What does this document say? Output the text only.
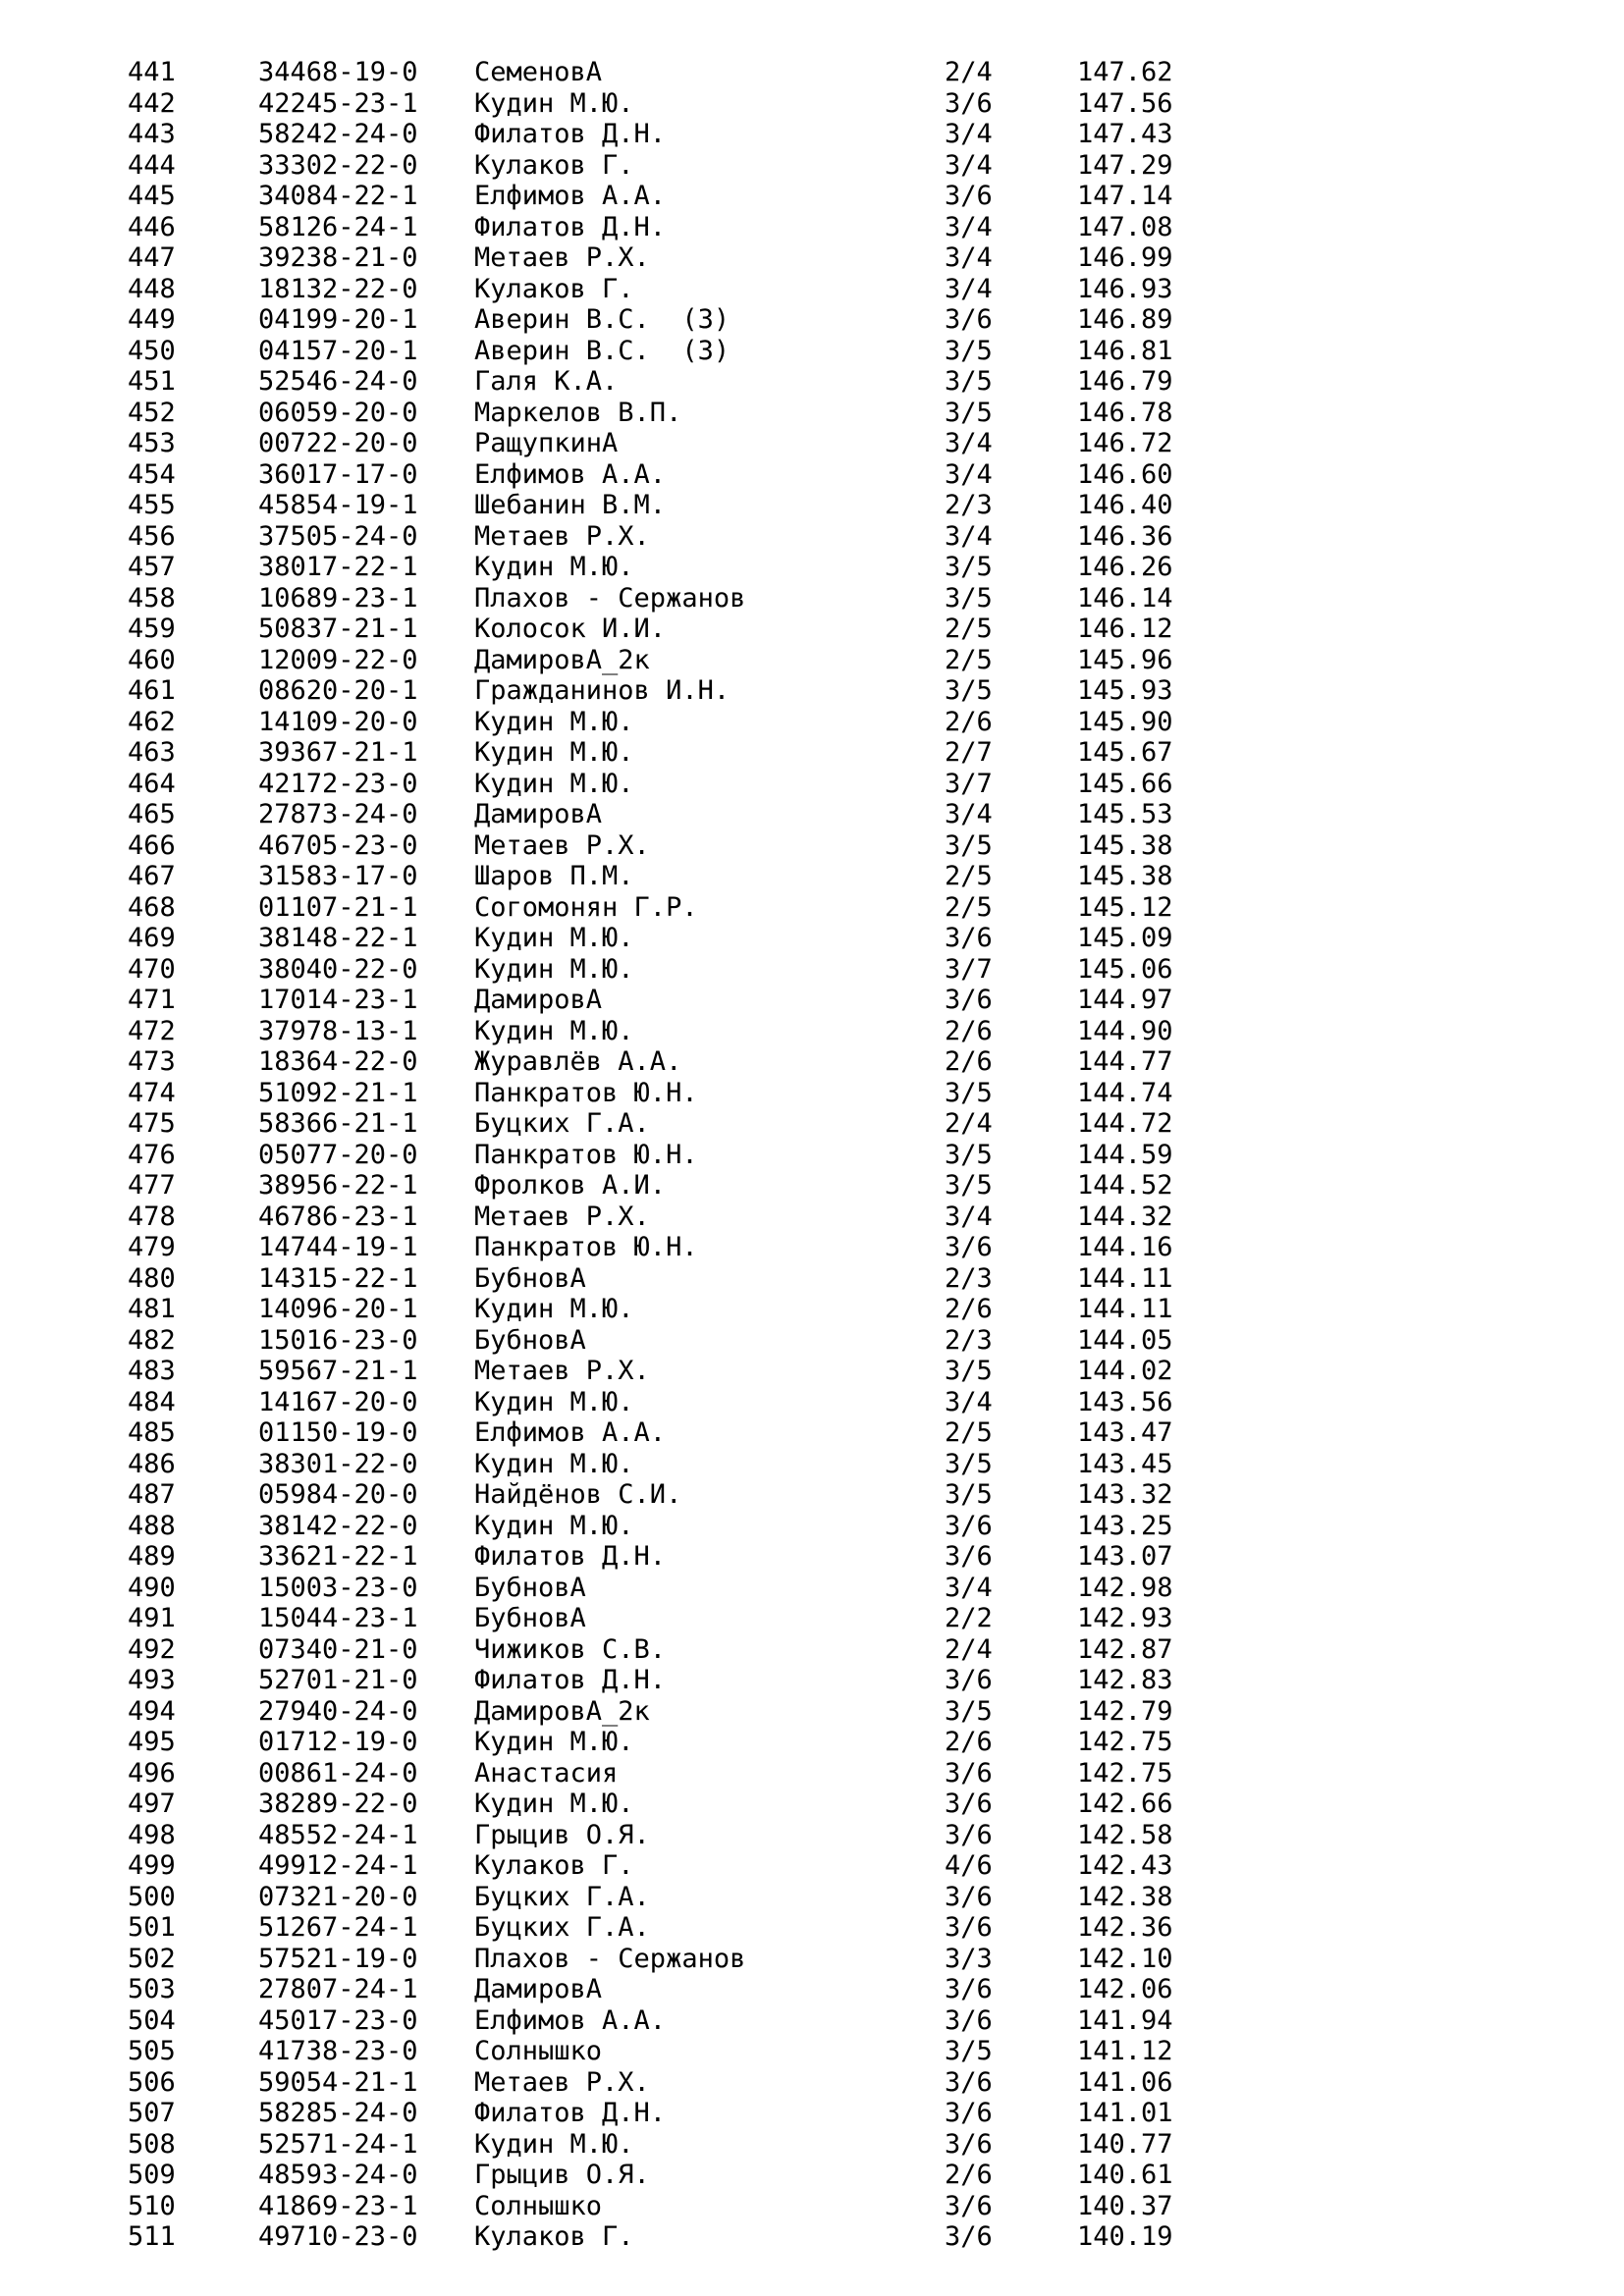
441	34468-19-0	СеменовА	2/4	147.62
442	42245-23-1	Кудин М.Ю.	3/6	147.56
443	58242-24-0	Филатов Д.Н.	3/4	147.43
444	33302-22-0	Кулаков Г.	3/4	147.29
445	34084-22-1	Елфимов А.А.	3/6	147.14
446	58126-24-1	Филатов Д.Н.	3/4	147.08
447	39238-21-0	Метаев Р.Х.	3/4	146.99
448	18132-22-0	Кулаков Г.	3/4	146.93
449	04199-20-1	Аверин В.С.  (З)	3/6	146.89
450	04157-20-1	Аверин В.С.  (З)	3/5	146.81
451	52546-24-0	Галя К.А.	3/5	146.79
452	06059-20-0	Маркелов В.П.	3/5	146.78
453	00722-20-0	РащупкинА	3/4	146.72
454	36017-17-0	Елфимов А.А.	3/4	146.60
455	45854-19-1	Шебанин В.М.	2/3	146.40
456	37505-24-0	Метаев Р.Х.	3/4	146.36
457	38017-22-1	Кудин М.Ю.	3/5	146.26
458	10689-23-1	Плахов - Сержанов	3/5	146.14
459	50837-21-1	Колосок И.И.	2/5	146.12
460	12009-22-0	ДамировА_2к	2/5	145.96
461	08620-20-1	Гражданинов И.Н.	3/5	145.93
462	14109-20-0	Кудин М.Ю.	2/6	145.90
463	39367-21-1	Кудин М.Ю.	2/7	145.67
464	42172-23-0	Кудин М.Ю.	3/7	145.66
465	27873-24-0	ДамировА	3/4	145.53
466	46705-23-0	Метаев Р.Х.	3/5	145.38
467	31583-17-0	Шаров П.М.	2/5	145.38
468	01107-21-1	Согомонян Г.Р.	2/5	145.12
469	38148-22-1	Кудин М.Ю.	3/6	145.09
470	38040-22-0	Кудин М.Ю.	3/7	145.06
471	17014-23-1	ДамировА	3/6	144.97
472	37978-13-1	Кудин М.Ю.	2/6	144.90
473	18364-22-0	Журавлёв А.А.	2/6	144.77
474	51092-21-1	Панкратов Ю.Н.	3/5	144.74
475	58366-21-1	Буцких Г.А.	2/4	144.72
476	05077-20-0	Панкратов Ю.Н.	3/5	144.59
477	38956-22-1	Фролков А.И.	3/5	144.52
478	46786-23-1	Метаев Р.Х.	3/4	144.32
479	14744-19-1	Панкратов Ю.Н.	3/6	144.16
480	14315-22-1	БубновА	2/3	144.11
481	14096-20-1	Кудин М.Ю.	2/6	144.11
482	15016-23-0	БубновА	2/3	144.05
483	59567-21-1	Метаев Р.Х.	3/5	144.02
484	14167-20-0	Кудин М.Ю.	3/4	143.56
485	01150-19-0	Елфимов А.А.	2/5	143.47
486	38301-22-0	Кудин М.Ю.	3/5	143.45
487	05984-20-0	Найдёнов С.И.	3/5	143.32
488	38142-22-0	Кудин М.Ю.	3/6	143.25
489	33621-22-1	Филатов Д.Н.	3/6	143.07
490	15003-23-0	БубновА	3/4	142.98
491	15044-23-1	БубновА	2/2	142.93
492	07340-21-0	Чижиков С.В.	2/4	142.87
493	52701-21-0	Филатов Д.Н.	3/6	142.83
494	27940-24-0	ДамировА_2к	3/5	142.79
495	01712-19-0	Кудин М.Ю.	2/6	142.75
496	00861-24-0	Анастасия	3/6	142.75
497	38289-22-0	Кудин М.Ю.	3/6	142.66
498	48552-24-1	Грыцив О.Я.	3/6	142.58
499	49912-24-1	Кулаков Г.	4/6	142.43
500	07321-20-0	Буцких Г.А.	3/6	142.38
501	51267-24-1	Буцких Г.А.	3/6	142.36
502	57521-19-0	Плахов - Сержанов	3/3	142.10
503	27807-24-1	ДамировА	3/6	142.06
504	45017-23-0	Елфимов А.А.	3/6	141.94
505	41738-23-0	Солнышко	3/5	141.12
506	59054-21-1	Метаев Р.Х.	3/6	141.06
507	58285-24-0	Филатов Д.Н.	3/6	141.01
508	52571-24-1	Кудин М.Ю.	3/6	140.77
509	48593-24-0	Грыцив О.Я.	2/6	140.61
510	41869-23-1	Солнышко	3/6	140.37
511	49710-23-0	Кулаков Г.	3/6	140.19
